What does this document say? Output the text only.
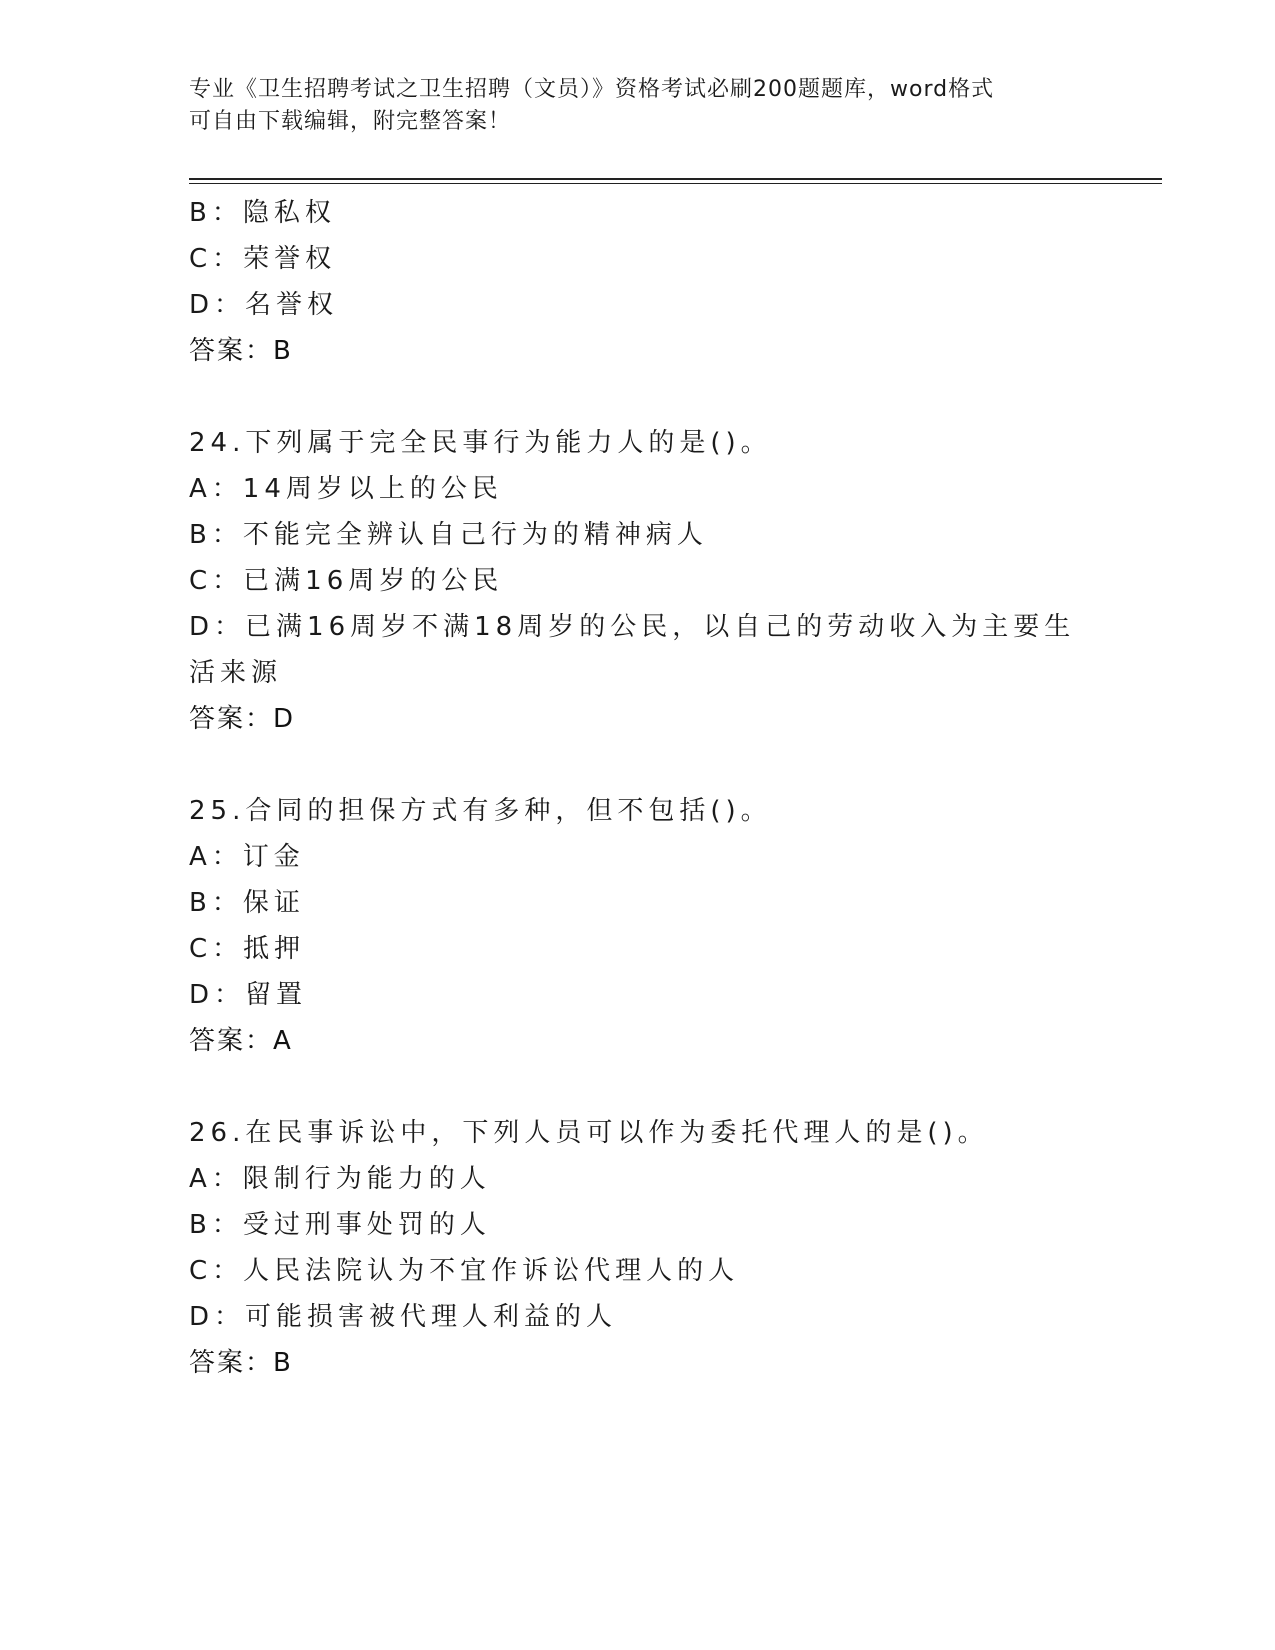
专业《卫生招聘考试之卫生招聘（文员）》资格考试必刷200题题库，word格式
可自由下载编辑，附完整答案！
B：隐私权
C：荣誉权
D：名誉权
答案：B
24.下列属于完全民事行为能力人的是()。
A：14周岁以上的公民
B：不能完全辨认自己行为的精神病人
C：已满16周岁的公民
D：已满16周岁不满18周岁的公民，以自己的劳动收入为主要生活来源
答案：D
25.合同的担保方式有多种，但不包括()。
A：订金
B：保证
C：抵押
D：留置
答案：A
26.在民事诉讼中，下列人员可以作为委托代理人的是()。
A：限制行为能力的人
B：受过刑事处罚的人
C：人民法院认为不宜作诉讼代理人的人
D：可能损害被代理人利益的人
答案：B
